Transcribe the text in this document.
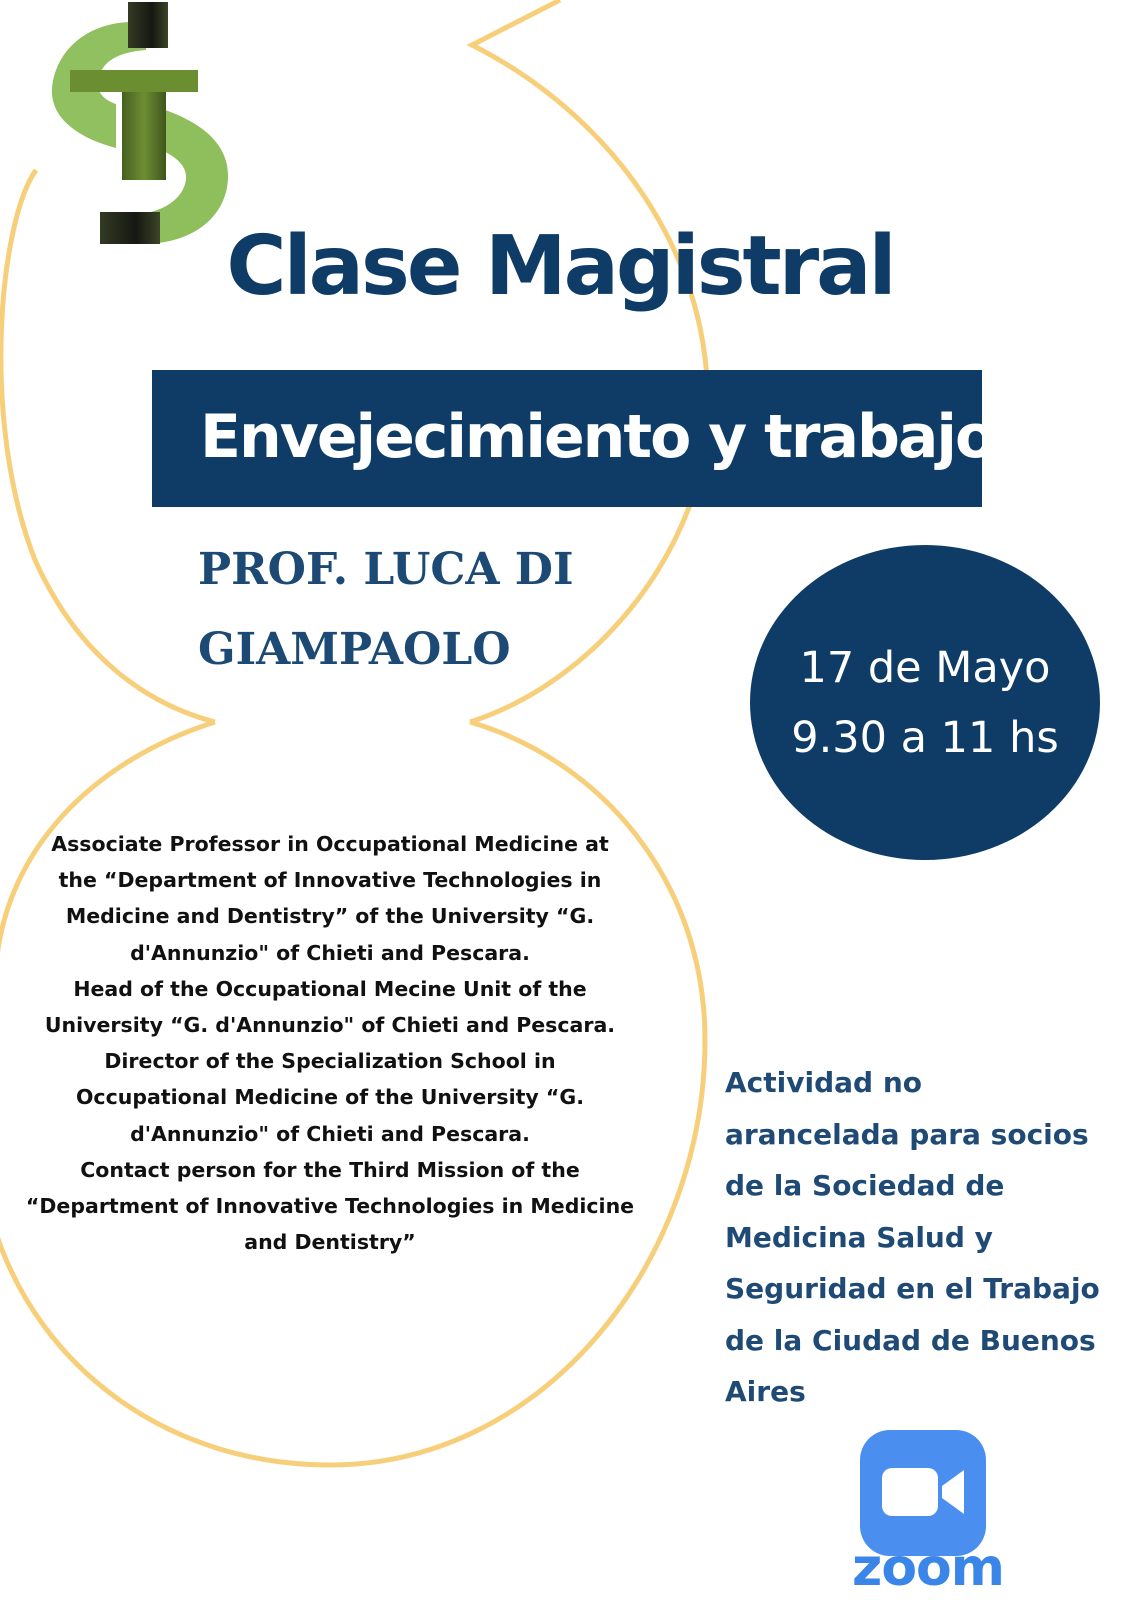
Clase Magistral
Envejecimiento y trabajo
PROF. LUCA DI
GIAMPAOLO	17 de Mayo
9.30 a 11 hs
Associate Professor in Occupational Medicine at
the “Department of Innovative Technologies in
Medicine and Dentistry” of the University “G.
d'Annunzio" of Chieti and Pescara.
Head of the Occupational Mecine Unit of the
University “G. d'Annunzio" of Chieti and Pescara.
Director of the Specialization School in
Occupational Medicine of the University “G.
d'Annunzio" of Chieti and Pescara.
Contact person for the Third Mission of the
“Department of Innovative Technologies in Medicine
and Dentistry”
Actividad no
arancelada para socios
de la Sociedad de
Medicina Salud y
Seguridad en el Trabajo
de la Ciudad de Buenos
Aires
zoom
